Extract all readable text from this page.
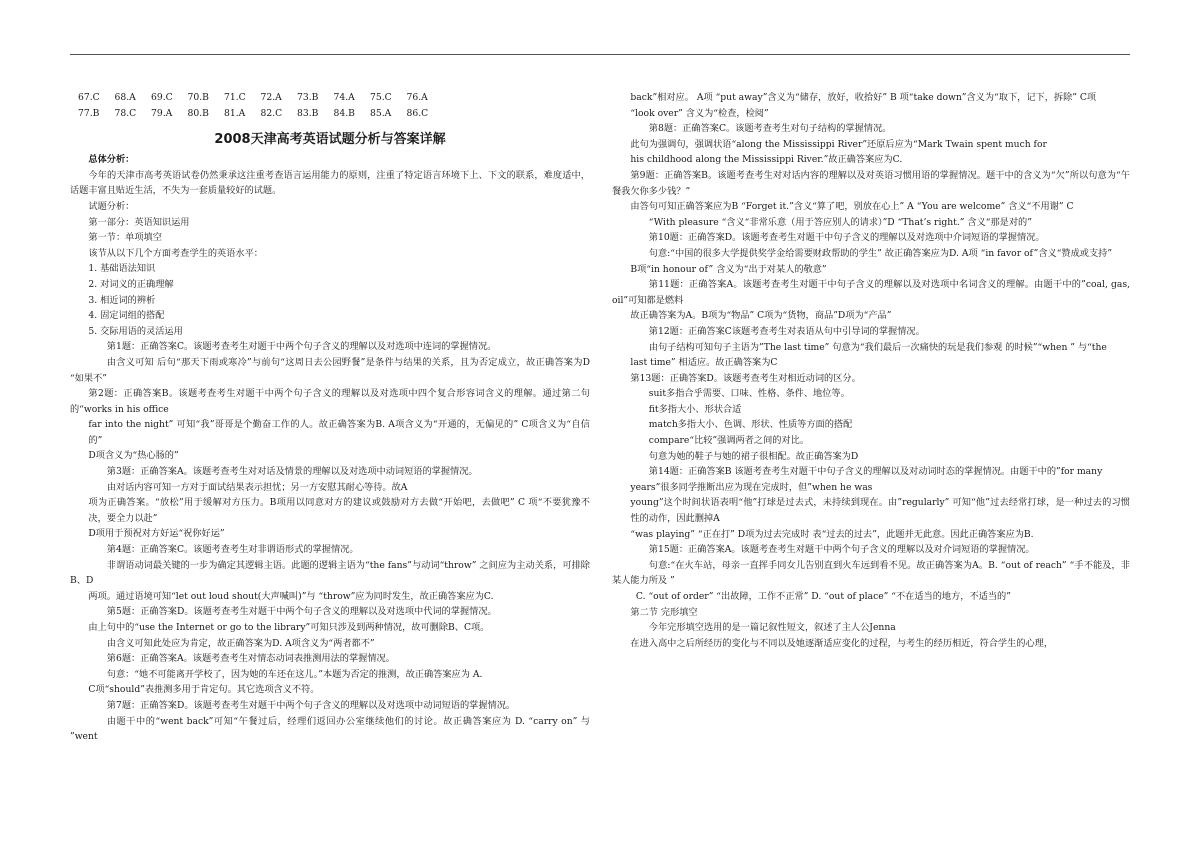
67.C	68.A	69.C	70.B	71.C	72.A	73.B	74.A	75.C	76.A
77.B	78.C	79.A	80.B	81.A	82.C	83.B	84.B	85.A	86.C
2008天津高考英语试题分析与答案详解

总体分析：

今年的天津市高考英语试卷仍然秉承这注重考查语言运用能力的原则，注重了特定语言环境下上、下文的联系，难度适中，话题丰富且贴近生活，不失为一套质量较好的试题。

试题分析：

第一部分：英语知识运用

第一节：单项填空

该节从以下几个方面考查学生的英语水平：

1. 基础语法知识

2. 对词义的正确理解

3. 相近词的辨析

4. 固定词组的搭配

5. 交际用语的灵活运用

第1题：正确答案C。该题考查考生对题干中两个句子含义的理解以及对选项中连词的掌握情况。

由含义可知 后句“那天下雨或寒冷”与前句“这周日去公园野餐”是条件与结果的关系，且为否定成立，故正确答案为D “如果不”

第2题：正确答案B。该题考查考生对题干中两个句子含义的理解以及对选项中四个复合形容词含义的理解。通过第二句的“works in his office

far into the night” 可知“我”哥哥是个勤奋工作的人。故正确答案为B. A项含义为“开通的，无偏见的” C项含义为“自信的”

D项含义为“热心肠的”

第3题：正确答案A。该题考查考生对对话及情景的理解以及对选项中动词短语的掌握情况。

由对话内容可知一方对于面试结果表示担忧；另一方安慰其耐心等待。故A

项为正确答案。“放松”用于缓解对方压力。B项用以同意对方的建议或鼓励对方去做“开始吧，去做吧” C 项“不要犹豫不决，要全力以赴”

D项用于预祝对方好运“祝你好运”

第4题：正确答案C。该题考查考生对非谓语形式的掌握情况。

非谓语动词最关键的一步为确定其逻辑主语。此题的逻辑主语为“the fans”与动词“throw” 之间应为主动关系，可排除B、D

两项。通过语境可知“let out loud shout(大声喊叫)”与 “throw”应为同时发生，故正确答案应为C.

第5题：正确答案D。该题考查考生对题干中两个句子含义的理解以及对选项中代词的掌握情况。

由上句中的“use the Internet or go to the library”可知只涉及到两种情况，故可删除B、C项。

由含义可知此处应为肯定，故正确答案为D. A项含义为“两者都不”

第6题：正确答案A。该题考查考生对情态动词表推测用法的掌握情况。

句意：“她不可能离开学校了，因为她的车还在这儿。”本题为否定的推测，故正确答案应为 A.

C项“should”表推测多用于肯定句。其它选项含义不符。

第7题：正确答案D。该题考查考生对题干中两个句子含义的理解以及对选项中动词短语的掌握情况。

由题干中的“went back”可知“午餐过后，经理们返回办公室继续他们的讨论。故正确答案应为 D. “carry on” 与 ”went

back”相对应。 A项 “put away”含义为“储存，放好，收拾好” B 项“take down”含义为“取下，记下，拆除” C项

“look over” 含义为“检查，检阅”

第8题：正确答案C。该题考查考生对句子结构的掌握情况。

此句为强调句，强调状语“along the Mississippi River”还原后应为“Mark Twain spent much for

his childhood along the Mississippi River.”故正确答案应为C.

第9题：正确答案B。该题考查考生对对话内容的理解以及对英语习惯用语的掌握情况。题干中的含义为“欠”所以句意为“午餐我欠你多少钱？”

由答句可知正确答案应为B “Forget it.”含义“算了吧，别放在心上” A “You are welcome” 含义“不用谢” C

“With pleasure “含义“非常乐意（用于答应别人的请求）”D “That’s right.” 含义“那是对的”

第10题：正确答案D。该题考查考生对题干中句子含义的理解以及对选项中介词短语的掌握情况。

句意:“中国的很多大学提供奖学金给需要财政帮助的学生” 故正确答案应为D. A项 “in favor of”含义“赞成或支持”

B项“in honour of” 含义为“出于对某人的敬意”

第11题：正确答案A。该题考查考生对题干中句子含义的理解以及对选项中名词含义的理解。由题干中的”coal, gas, oil”可知都是燃料

故正确答案为A。B项为“物品” C项为“货物，商品”D项为“产品”

第12题：正确答案C该题考查考生对表语从句中引导词的掌握情况。

由句子结构可知句子主语为”The last time” 句意为“我们最后一次痛快的玩是我们参观 的时候”“when ” 与“the

last time” 相适应。故正确答案为C

第13题：正确答案D。该题考查考生对相近动词的区分。

suit多指合乎需要、口味、性格、条件、地位等。

fit多指大小、形状合适

match多指大小、色调、形状、性质等方面的搭配

compare“比较”强调两者之间的对比。

句意为她的鞋子与她的裙子很相配。故正确答案为D

第14题：正确答案B 该题考查考生对题干中句子含义的理解以及对动词时态的掌握情况。由题干中的”for many

years”很多同学推断出应为现在完成时，但”when he was

young”这个时间状语表明“他”打球是过去式，未持续到现在。由”regularly” 可知“他”过去经常打球，是一种过去的习惯性的动作，因此删掉A

“was playing” “正在打” D项为过去完成时 表“过去的过去”，此题并无此意。因此正确答案应为B.

第15题：正确答案A。该题考查考生对题干中两个句子含义的理解以及对介词短语的掌握情况。

句意:“在火车站，母亲一直挥手同女儿告别直到火车远到看不见。故正确答案为A。B. “out of reach” “手不能及，非某人能力所及 ”

C. “out of order” “出故障，工作不正常” D. “out of place” “不在适当的地方，不适当的”

第二节 完形填空

今年完形填空选用的是一篇记叙性短文，叙述了主人公Jenna

在进入高中之后所经历的变化与不同以及她逐渐适应变化的过程，与考生的经历相近，符合学生的心理，
